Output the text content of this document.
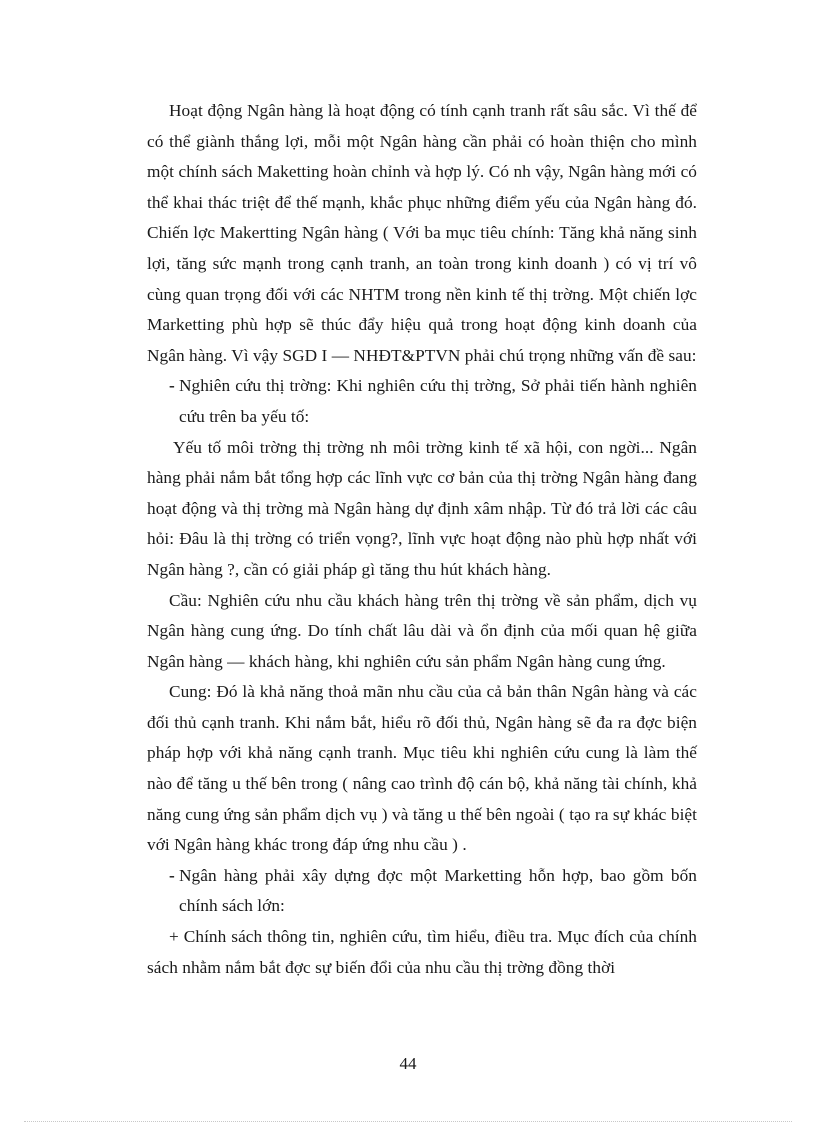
Hoạt động Ngân hàng là hoạt động có tính cạnh tranh rất sâu sắc. Vì thế để có thể giành thắng lợi, mỗi một Ngân hàng cần phải có hoàn thiện cho mình một chính sách Maketting hoàn chỉnh và hợp lý. Có nh vậy, Ngân hàng mới có thể khai thác triệt để thế mạnh, khắc phục những điểm yếu của Ngân hàng đó. Chiến lợc Makertting Ngân hàng ( Với ba mục tiêu chính: Tăng khả năng sinh lợi, tăng sức mạnh trong cạnh tranh, an toàn trong kinh doanh ) có vị trí vô cùng quan trọng đối với các NHTM trong nền kinh tế thị trờng. Một chiến lợc Marketting phù hợp sẽ thúc đẩy hiệu quả trong hoạt động kinh doanh của Ngân hàng. Vì vậy SGD I — NHĐT&PTVN phải chú trọng những vấn đề sau:

- Nghiên cứu thị trờng: Khi nghiên cứu thị trờng, Sở phải tiến hành nghiên cứu trên ba yếu tố:

Yếu tố môi trờng thị trờng nh môi trờng kinh tế xã hội, con ngời... Ngân hàng phải nắm bắt tổng hợp các lĩnh vực cơ bản của thị trờng Ngân hàng đang hoạt động và thị trờng mà Ngân hàng dự định xâm nhập. Từ đó trả lời các câu hỏi: Đâu là thị trờng có triển vọng?, lĩnh vực hoạt động nào phù hợp nhất với Ngân hàng ?, cần có giải pháp gì tăng thu hút khách hàng.

Cầu: Nghiên cứu nhu cầu khách hàng trên thị trờng về sản phẩm, dịch vụ Ngân hàng cung ứng. Do tính chất lâu dài và ổn định của mối quan hệ giữa Ngân hàng — khách hàng, khi nghiên cứu sản phẩm Ngân hàng cung ứng.

Cung: Đó là khả năng thoả mãn nhu cầu của cả bản thân Ngân hàng và các đối thủ cạnh tranh. Khi nắm bắt, hiểu rõ đối thủ, Ngân hàng sẽ đa ra đợc biện pháp hợp với khả năng cạnh tranh. Mục tiêu khi nghiên cứu cung là làm thế nào để tăng u thế bên trong ( nâng cao trình độ cán bộ, khả năng tài chính, khả năng cung ứng sản phẩm dịch vụ ) và tăng u thế bên ngoài ( tạo ra sự khác biệt với Ngân hàng khác trong đáp ứng nhu cầu ) .

- Ngân hàng phải xây dựng đợc một Marketting hỗn hợp, bao gồm bốn chính sách lớn:

+ Chính sách thông tin, nghiên cứu, tìm hiểu, điều tra. Mục đích của chính sách nhằm nắm bắt đợc sự biến đổi của nhu cầu thị trờng đồng thời

44
